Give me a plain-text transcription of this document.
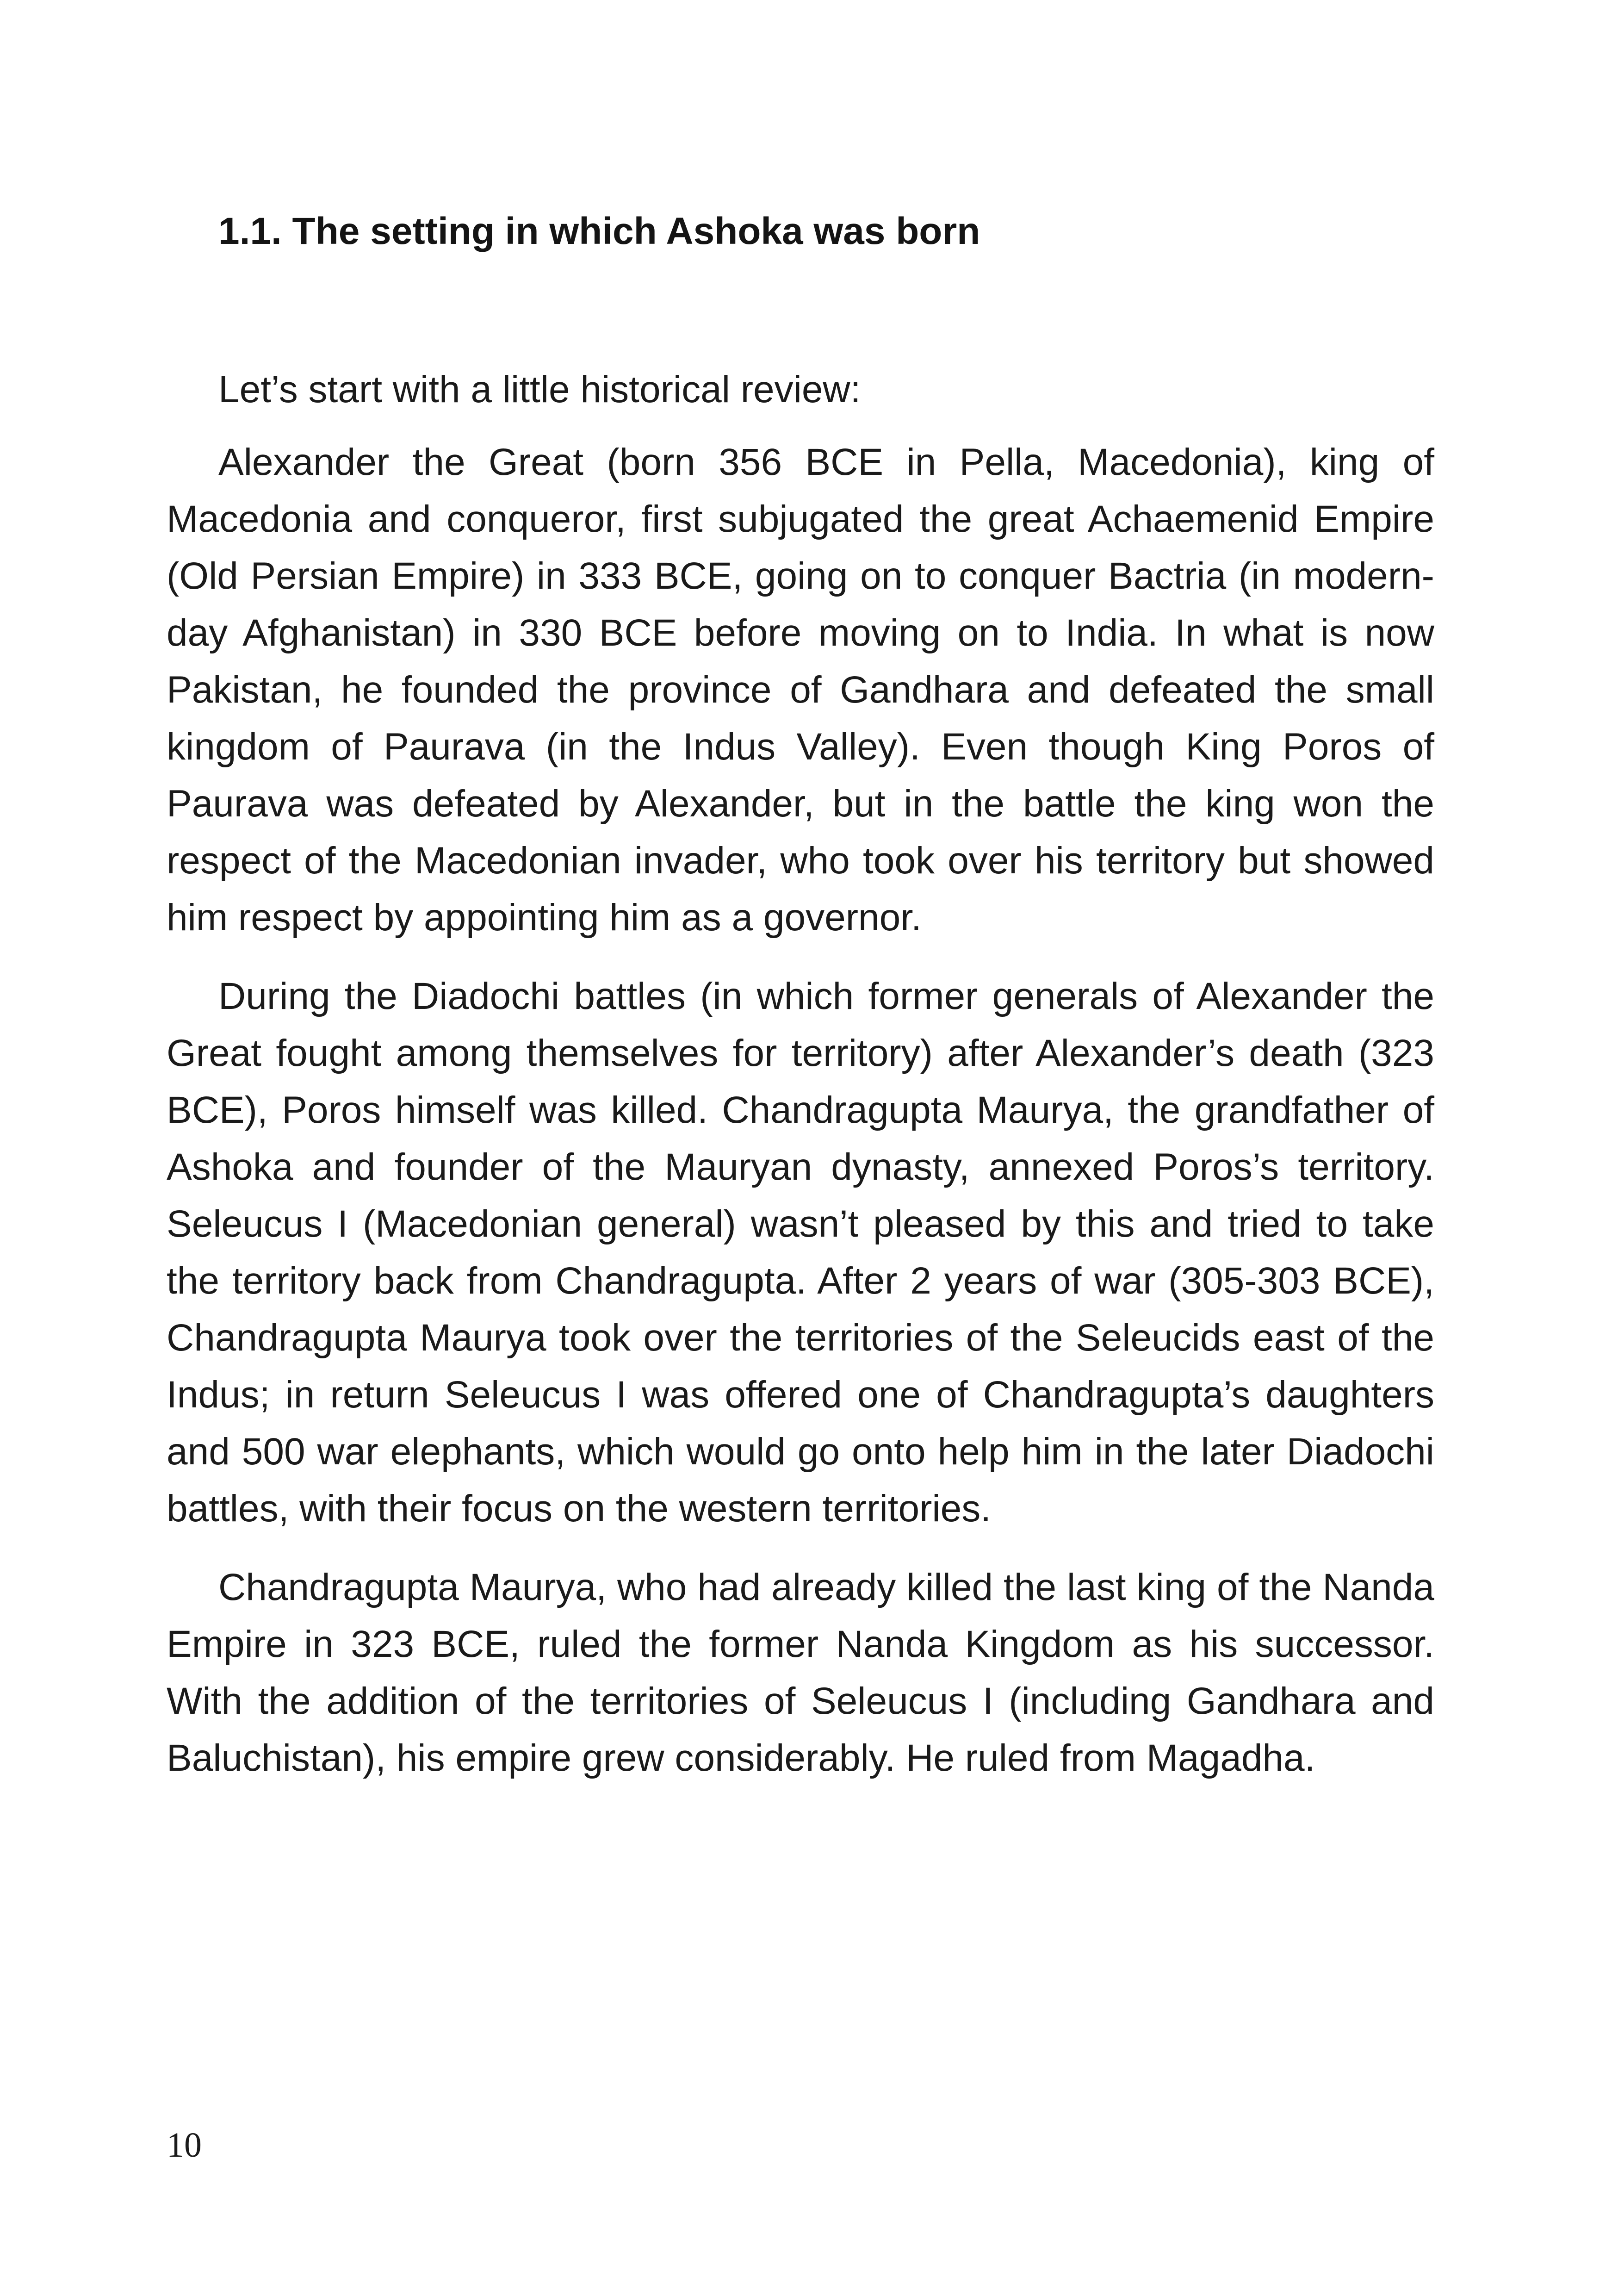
1.1. The setting in which Ashoka was born

Let’s start with a little historical review:

Alexander the Great (born 356 BCE in Pella, Macedonia), king of Macedonia and conqueror, first subjugated the great Achaemenid Empire (Old Persian Empire) in 333 BCE, going on to conquer Bactria (in modern-day Afghanistan) in 330 BCE before moving on to India. In what is now Pakistan, he founded the province of Gandhara and defeated the small kingdom of Paurava (in the Indus Valley). Even though King Poros of Paurava was defeated by Alexander, but in the battle the king won the respect of the Macedonian invader, who took over his territory but showed him respect by appointing him as a governor.

During the Diadochi battles (in which former generals of Alexander the Great fought among themselves for territory) after Alexander’s death (323 BCE), Poros himself was killed. Chandragupta Maurya, the grandfather of Ashoka and founder of the Mauryan dynasty, annexed Poros’s territory. Seleucus I (Macedonian general) wasn’t pleased by this and tried to take the territory back from Chandragupta. After 2 years of war (305-303 BCE), Chandragupta Maurya took over the territories of the Seleucids east of the Indus; in return Seleucus I was offered one of Chandragupta’s daughters and 500 war elephants, which would go onto help him in the later Diadochi battles, with their focus on the western territories.

Chandragupta Maurya, who had already killed the last king of the Nanda Empire in 323 BCE, ruled the former Nanda Kingdom as his successor. With the addition of the territories of Seleucus I (including Gandhara and Baluchistan), his empire grew considerably. He ruled from Magadha.

10
